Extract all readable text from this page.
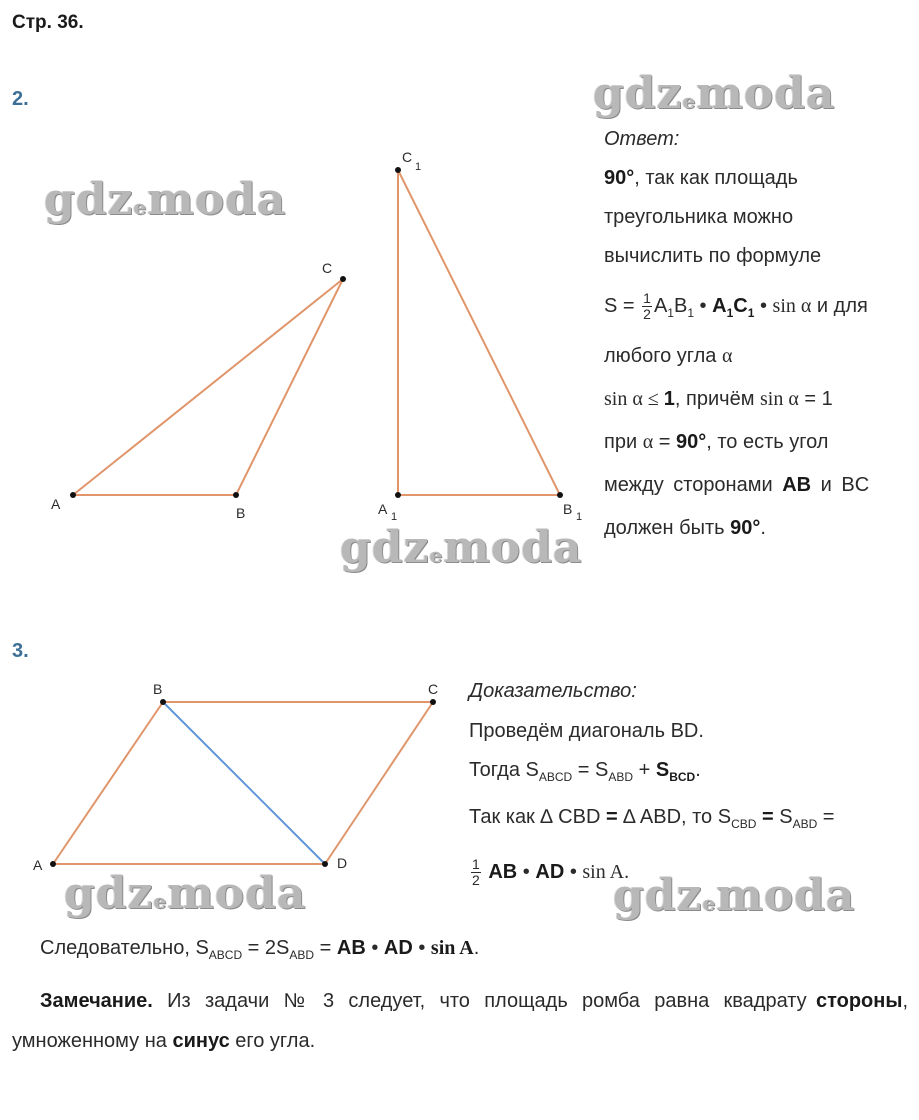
Стр. 36.
2.	gdzemoda
gdzemoda
gdzemoda
gdzemoda	gdzemoda
A
B
C
A 1	B 1
C
1

Ответ:

90°, так как площадь

треугольника можно

вычислить по формуле

$S = \frac{1}{2} A_1B_1$ • $A_1C_1$ • sin α и для

любого угла α

sin α ≤ 1, причём sin α = 1

при α = 90°, то есть угол

между сторонами AB и BC

должен быть 90°.

3.
A
B	C
D

Доказательство:

Проведём диагональ BD.

Тогда $S_{ABCD} = S_{ABD} + S_{BCD}$.

Так как ∆ CBD = ∆ ABD, то $S_{CBD} = S_{ABD}$ =

$\frac{1}{2}$ AB • AD • sin A.

Следовательно, $S_{ABCD} = 2S_{ABD}$ = AB • AD • sin A.

Замечание. Из задачи № 3 следует, что площадь ромба равна квадрату стороны, умноженному на синус его угла.
